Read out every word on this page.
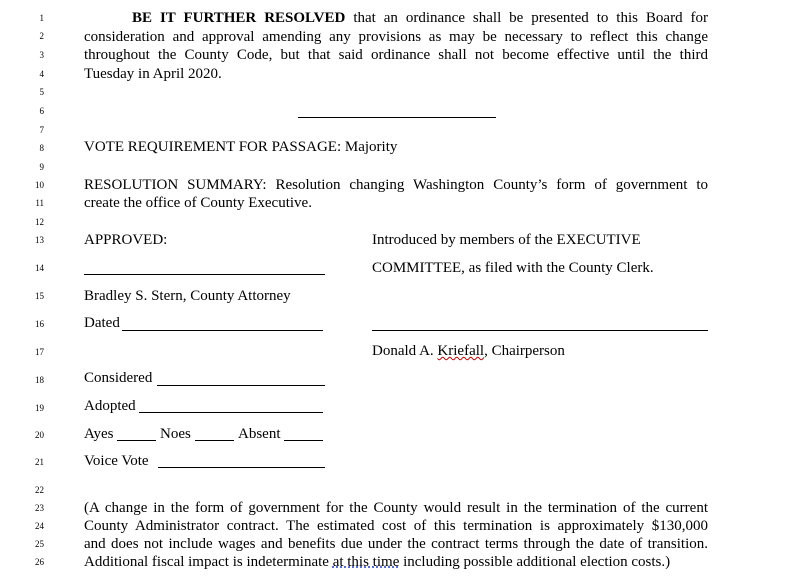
1
2
3
4
5
6
7
8
9
10
11
12
13
14
15
16
17
18
19
20
21
22
23
24
25
26
BE IT FURTHER RESOLVED that an ordinance shall be presented to this Board for
consideration and approval amending any provisions as may be necessary to reflect this change
throughout the County Code, but that said ordinance shall not become effective until the third
Tuesday in April 2020.
VOTE REQUIREMENT FOR PASSAGE: Majority
RESOLUTION SUMMARY: Resolution changing Washington County’s form of government to
create the office of County Executive.
APPROVED:
Bradley S. Stern, County Attorney
Dated
Introduced by members of the EXECUTIVE
COMMITTEE, as filed with the County Clerk.
Donald A. Kriefall, Chairperson
Considered
Adopted
Ayes	Noes	Absent
Voice Vote
(A change in the form of government for the County would result in the termination of the current
County Administrator contract. The estimated cost of this termination is approximately $130,000
and does not include wages and benefits due under the contract terms through the date of transition.
Additional fiscal impact is indeterminate at this time including possible additional election costs.)
